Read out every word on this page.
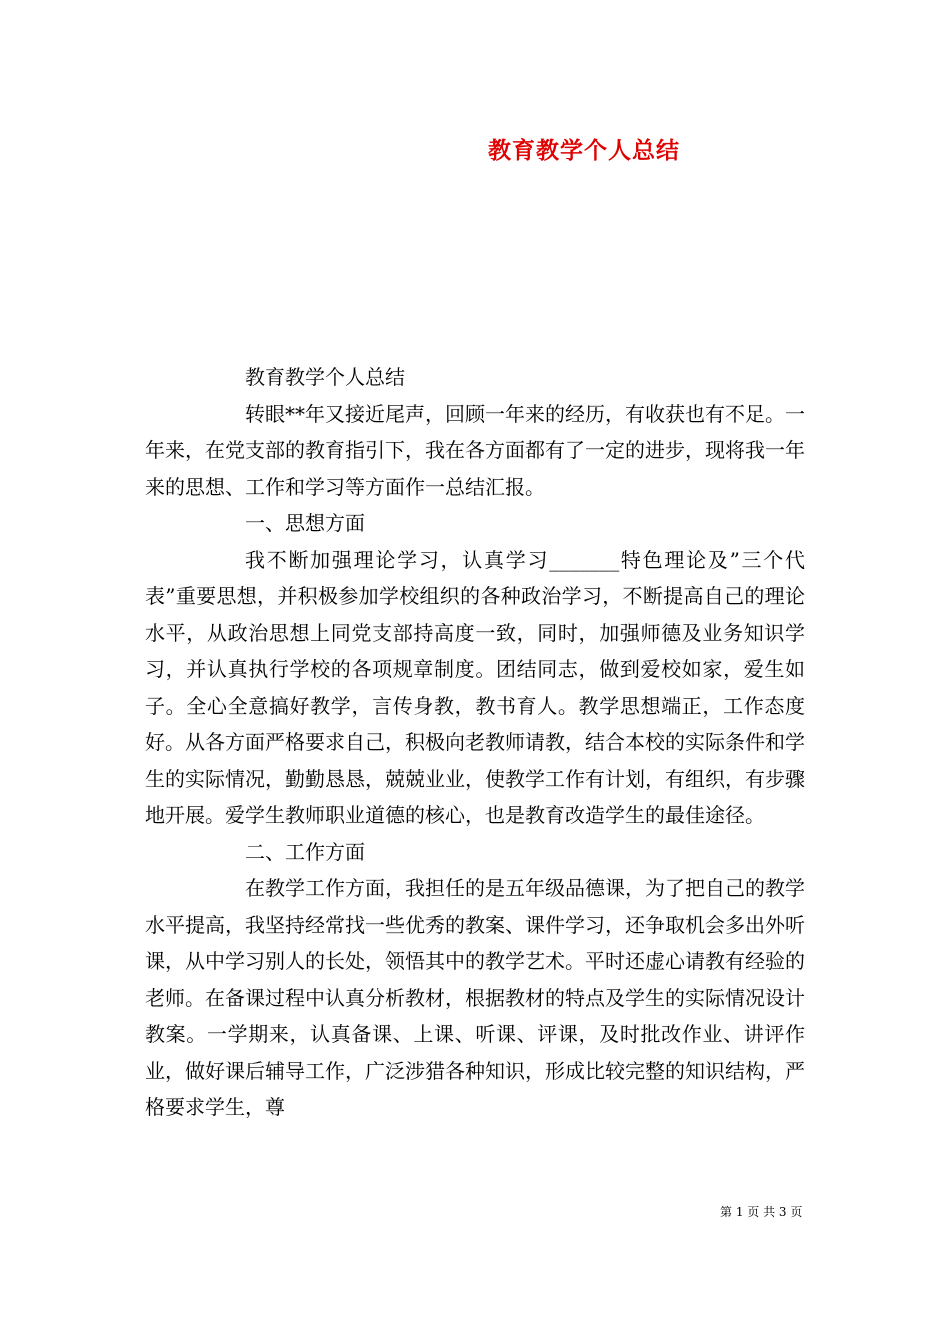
教育教学个人总结

教育教学个人总结

转眼**年又接近尾声，回顾一年来的经历，有收获也有不足。一年来，在党支部的教育指引下，我在各方面都有了一定的进步，现将我一年来的思想、工作和学习等方面作一总结汇报。

一、思想方面

我不断加强理论学习，认真学习_______特色理论及”三个代表”重要思想，并积极参加学校组织的各种政治学习，不断提高自己的理论水平，从政治思想上同党支部持高度一致，同时，加强师德及业务知识学习，并认真执行学校的各项规章制度。团结同志，做到爱校如家，爱生如子。全心全意搞好教学，言传身教，教书育人。教学思想端正，工作态度好。从各方面严格要求自己，积极向老教师请教，结合本校的实际条件和学生的实际情况，勤勤恳恳，兢兢业业，使教学工作有计划，有组织，有步骤地开展。爱学生教师职业道德的核心，也是教育改造学生的最佳途径。

二、工作方面

在教学工作方面，我担任的是五年级品德课，为了把自己的教学水平提高，我坚持经常找一些优秀的教案、课件学习，还争取机会多出外听课，从中学习别人的长处，领悟其中的教学艺术。平时还虚心请教有经验的老师。在备课过程中认真分析教材，根据教材的特点及学生的实际情况设计教案。一学期来，认真备课、上课、听课、评课，及时批改作业、讲评作业，做好课后辅导工作，广泛涉猎各种知识，形成比较完整的知识结构，严格要求学生，尊

第 1 页 共 3 页
